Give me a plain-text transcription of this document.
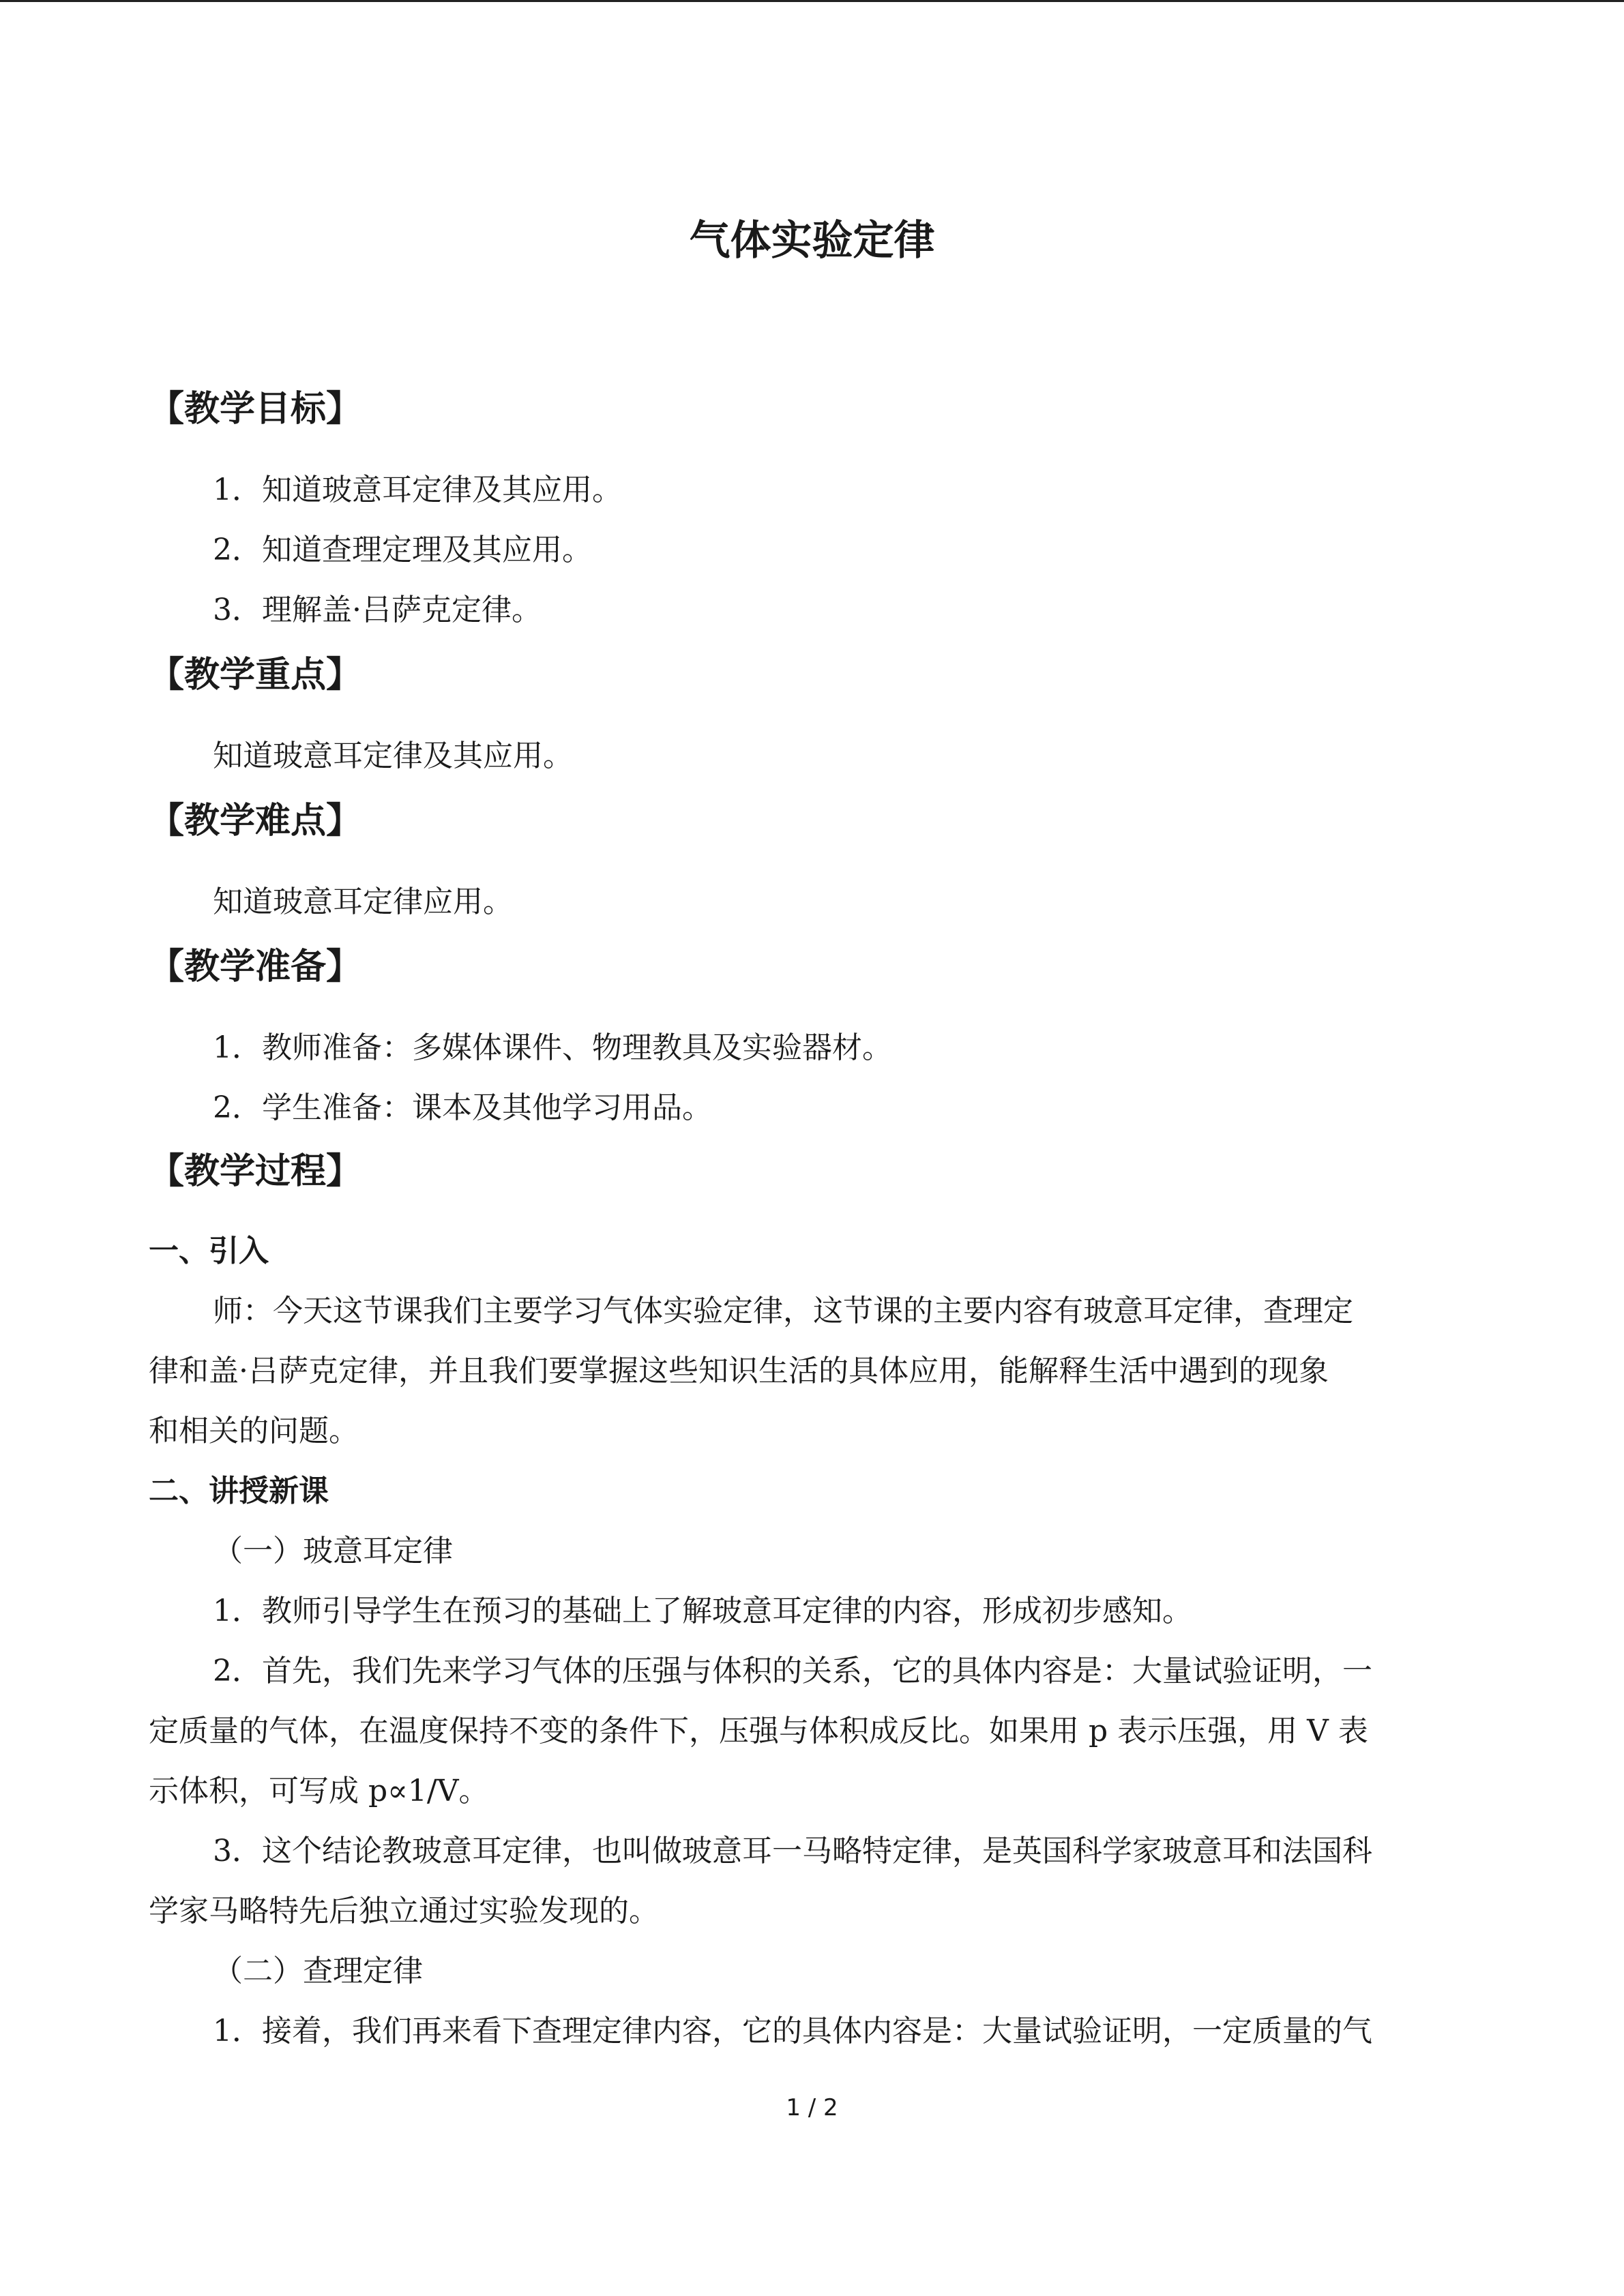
气体实验定律
【教学目标】
1．知道玻意耳定律及其应用。
2．知道查理定理及其应用。
3．理解盖·吕萨克定律。
【教学重点】
知道玻意耳定律及其应用。
【教学难点】
知道玻意耳定律应用。
【教学准备】
1．教师准备：多媒体课件、物理教具及实验器材。
2．学生准备：课本及其他学习用品。
【教学过程】
一、引入
师：今天这节课我们主要学习气体实验定律，这节课的主要内容有玻意耳定律，查理定
律和盖·吕萨克定律，并且我们要掌握这些知识生活的具体应用，能解释生活中遇到的现象
和相关的问题。
二、讲授新课
（一）玻意耳定律
1．教师引导学生在预习的基础上了解玻意耳定律的内容，形成初步感知。
2．首先，我们先来学习气体的压强与体积的关系，它的具体内容是：大量试验证明，一
定质量的气体，在温度保持不变的条件下，压强与体积成反比。如果用 p 表示压强，用 V 表
示体积，可写成 p∝1/V。
3．这个结论教玻意耳定律，也叫做玻意耳一马略特定律，是英国科学家玻意耳和法国科
学家马略特先后独立通过实验发现的。
（二）查理定律
1．接着，我们再来看下查理定律内容，它的具体内容是：大量试验证明，一定质量的气
1 / 2
